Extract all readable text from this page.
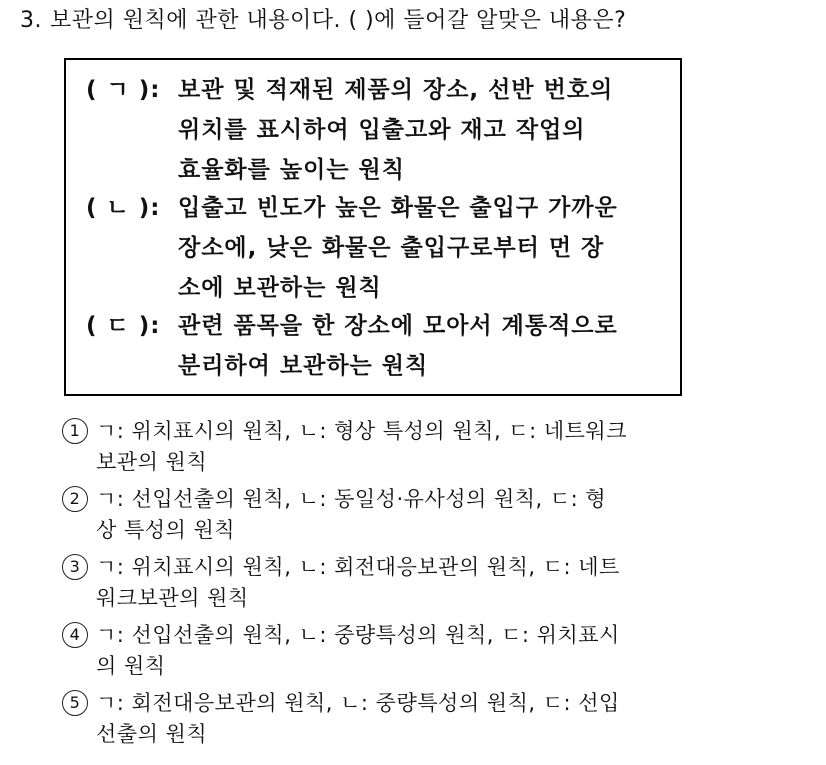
3. 보관의 원칙에 관한 내용이다. ( )에 들어갈 알맞은 내용은?
( ㄱ ): 보관 및 적재된 제품의 장소, 선반 번호의
위치를 표시하여 입출고와 재고 작업의
효율화를 높이는 원칙
( ㄴ ): 입출고 빈도가 높은 화물은 출입구 가까운
장소에, 낮은 화물은 출입구로부터 먼 장
소에 보관하는 원칙
( ㄷ ): 관련 품목을 한 장소에 모아서 계통적으로
분리하여 보관하는 원칙
1 ㄱ: 위치표시의 원칙, ㄴ: 형상 특성의 원칙, ㄷ: 네트워크
보관의 원칙
2 ㄱ: 선입선출의 원칙, ㄴ: 동일성·유사성의 원칙, ㄷ: 형
상 특성의 원칙
3 ㄱ: 위치표시의 원칙, ㄴ: 회전대응보관의 원칙, ㄷ: 네트
워크보관의 원칙
4 ㄱ: 선입선출의 원칙, ㄴ: 중량특성의 원칙, ㄷ: 위치표시
의 원칙
5 ㄱ: 회전대응보관의 원칙, ㄴ: 중량특성의 원칙, ㄷ: 선입
선출의 원칙
